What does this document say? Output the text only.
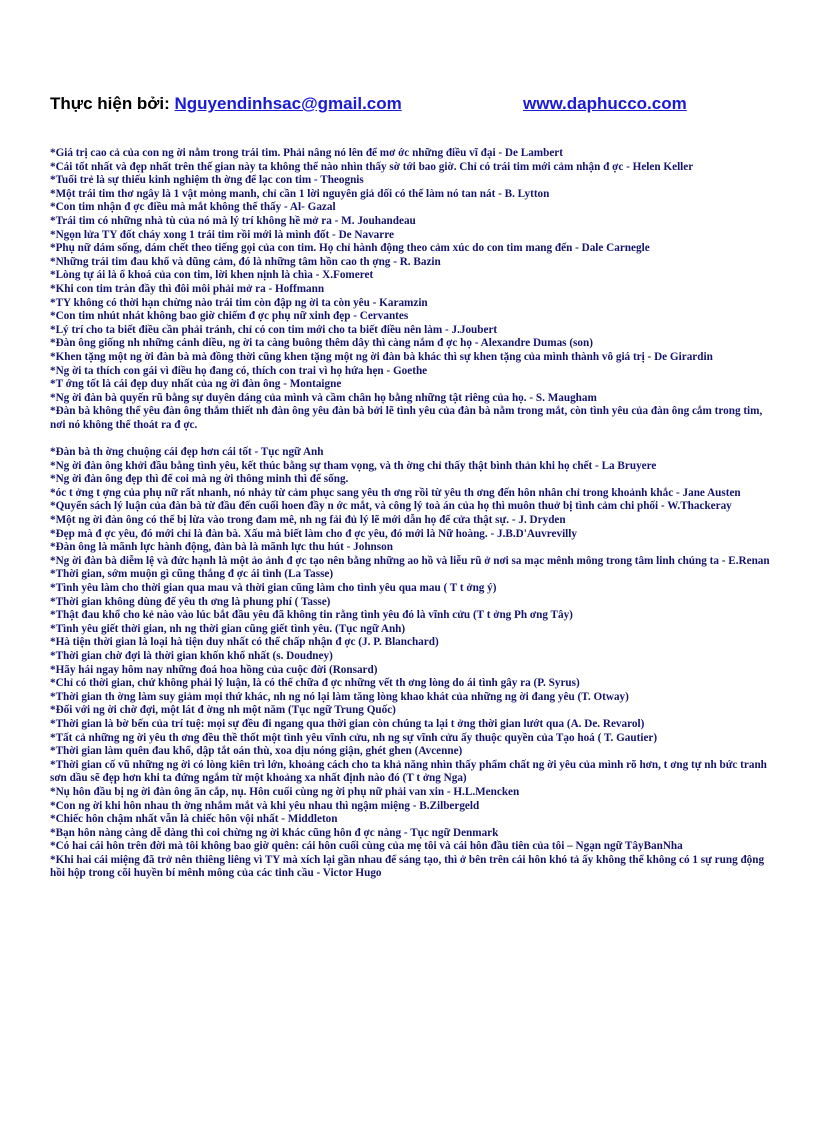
Thực hiện bởi: Nguyendinhsac@gmail.com	www.daphucco.com

*Giá trị cao cả của con ng ời nằm trong trái tim. Phải nâng nó lên để mơ ớc những điều vĩ đại - De Lambert

*Cái tốt nhất và đẹp nhất trên thế gian này ta không thể nào nhìn thấy sờ tới bao giờ. Chỉ có trái tim mới cảm nhận đ ợc - Helen Keller

*Tuổi trẻ là sự thiếu kinh nghiệm th ờng để lạc con tim - Theognis

*Một trái tim thơ ngây là 1 vật mỏng manh, chỉ cần 1 lời nguyên giả dối có thể làm nó tan nát - B. Lytton

*Con tim nhận đ ợc điều mà mắt không thể thấy - Al- Gazal

*Trái tim có những nhà tù của nó mà lý trí không hề mở ra - M. Jouhandeau

*Ngọn lửa TY đốt cháy xong 1 trái tim rồi mới là mình đốt - De Navarre

*Phụ nữ dám sống, dám chết theo tiếng gọi của con tim. Họ chỉ hành động theo cảm xúc do con tim mang đến - Dale Carnegle

*Những trái tim đau khổ và dũng cảm, đó là những tâm hồn cao th ợng - R. Bazin

*Lòng tự ái là ổ khoá của con tim, lời khen nịnh là chìa - X.Fomeret

*Khi con tim tràn đầy thì đôi môi phải mở ra - Hoffmann

*TY không có thời hạn chừng nào trái tim còn đập ng ời ta còn yêu - Karamzin

*Con tim nhút nhát không bao giờ chiếm đ ợc phụ nữ xinh đẹp - Cervantes

*Lý trí cho ta biết điều cần phải tránh, chỉ có con tim mới cho ta biết điều nên làm - J.Joubert

*Đàn ông giống nh những cánh diều, ng ời ta càng buông thêm dây thì càng nắm đ ợc họ - Alexandre Dumas (son)

*Khen tặng một ng ời đàn bà mà đồng thời cũng khen tặng một ng ời đàn bà khác thì sự khen tặng của mình thành vô giá trị - De Girardin

*Ng ời ta thích con gái vì điều họ đang có, thích con trai vì họ hứa hẹn - Goethe

*T ớng tốt là cái đẹp duy nhất của ng ời đàn ông - Montaigne

*Ng ời đàn bà quyến rũ bằng sự duyên dáng của mình và cầm chân họ bằng những tật riêng của họ. - S. Maugham

*Đàn bà không thể yêu đàn ông thắm thiết nh đàn ông yêu đàn bà bởi lẽ tình yêu của đàn bà nằm trong mắt, còn tình yêu của đàn ông cắm trong tim, nơi nó không thể thoát ra đ ợc.

*Đàn bà th ờng chuộng cái đẹp hơn cái tốt - Tục ngữ Anh

*Ng ời đàn ông khởi đầu bằng tình yêu, kết thúc bằng sự tham vọng, và th ờng chỉ thấy thật bình thản khi họ chết - La Bruyere

*Ng ời đàn ông đẹp thì để coi mà ng ời thông minh thì để sống.

*óc t ởng t ợng của phụ nữ rất nhanh, nó nhảy từ cảm phục sang yêu th ơng rồi từ yêu th ơng đến hôn nhân chỉ trong khoảnh khắc - Jane Austen

*Quyển sách lý luận của đàn bà từ đầu đến cuối hoen đầy n ớc mắt, và công lý toà án của họ thì muôn thuở bị tình cảm chi phối - W.Thackeray

*Một ng ời đàn ông có thể bị lừa vào trong đam mê, nh ng fải đủ lý lẽ mới dẫn họ để cửa thật sự. - J. Dryden

*Đẹp mà đ ợc yêu, đó mới chỉ là đàn bà. Xấu mà biết làm cho đ ợc yêu, đó mới là Nữ hoàng. - J.B.D'Auvrevilly

*Đàn ông là mãnh lực hành động, đàn bà là mãnh lực thu hút - Johnson

*Ng ời đàn bà diễm lệ và đức hạnh là một ảo ảnh đ ợc tạo nên bằng những ao hồ và liễu rũ ở nơi sa mạc mênh mông trong tâm linh chúng ta - E.Renan

*Thời gian, sớm muộn gì cũng thắng đ ợc ái tình (La Tasse)

*Tình yêu làm cho thời gian qua mau và thời gian cũng làm cho tình yêu qua mau ( T t ởng ý)

*Thời gian không dùng để yêu th ơng là phung phí ( Tasse)

*Thật đau khổ cho kẻ nào vào lúc bắt đầu yêu đã không tin rằng tình yêu đó là vĩnh cửu (T t ởng Ph ơng Tây)

*Tình yêu giết thời gian, nh ng thời gian cũng giết tình yêu. (Tục ngữ Anh)

*Hà tiện thời gian là loại hà tiện duy nhất có thể chấp nhận đ ợc (J. P. Blanchard)

*Thời gian chờ đợi là thời gian khốn khổ nhất (s. Doudney)

*Hãy hái ngay hôm nay những đoá hoa hồng của cuộc đời (Ronsard)

*Chỉ có thời gian, chứ không phải lý luận, là có thể chữa đ ợc những vết th ơng lòng do ái tình gây ra (P. Syrus)

*Thời gian th ờng làm suy giảm mọi thứ khác, nh ng nó lại làm tăng lòng khao khát của những ng ời đang yêu (T. Otway)

*Đối với ng ời chờ đợi, một lát đ ờng nh một năm (Tục ngữ Trung Quốc)

*Thời gian là bờ bến của trí tuệ: mọi sự đều đi ngang qua thời gian còn chúng ta lại t ởng thời gian lướt qua (A. De. Revarol)

*Tất cả những ng ời yêu th ơng đều thề thốt một tình yêu vĩnh cửu, nh ng sự vĩnh cửu ấy thuộc quyền của Tạo hoá ( T. Gautier)

*Thời gian làm quên đau khổ, dập tắt oán thù, xoa dịu nóng giận, ghét ghen (Avcenne)

*Thời gian cố vũ những ng ời có lòng kiên trì lớn, khoảng cách cho ta khả năng nhìn thấy phẩm chất ng ời yêu của mình rõ hơn, t ơng tự nh bức tranh sơn dầu sẽ đẹp hơn khi ta đứng ngắm từ một khoảng xa nhất định nào đó (T t ởng Nga)

*Nụ hôn đầu bị ng ời đàn ông ăn cắp, nụ. Hôn cuối cùng ng ời phụ nữ phải van xin - H.L.Mencken

*Con ng ời khi hôn nhau th ờng nhắm mắt và khi yêu nhau thì ngậm miệng - B.Zilbergeld

*Chiếc hôn chậm nhất vẫn là chiếc hôn vội nhất - Middleton

*Bạn hôn nàng càng dễ dàng thì coi chừng ng ời khác cũng hôn đ ợc nàng - Tục ngữ Denmark

*Có hai cái hôn trên đời mà tôi không bao giờ quên: cái hôn cuối cùng của mẹ tôi và cái hôn đầu tiên của tôi – Ngạn ngữ TâyBanNha

*Khi hai cái miệng đã trở nên thiêng liêng vì TY mà xích lại gần nhau để sáng tạo, thì ở bên trên cái hôn khó tả ấy không thể không có 1 sự rung động hồi hộp trong cõi huyền bí mênh mông của các tinh cầu - Victor Hugo
